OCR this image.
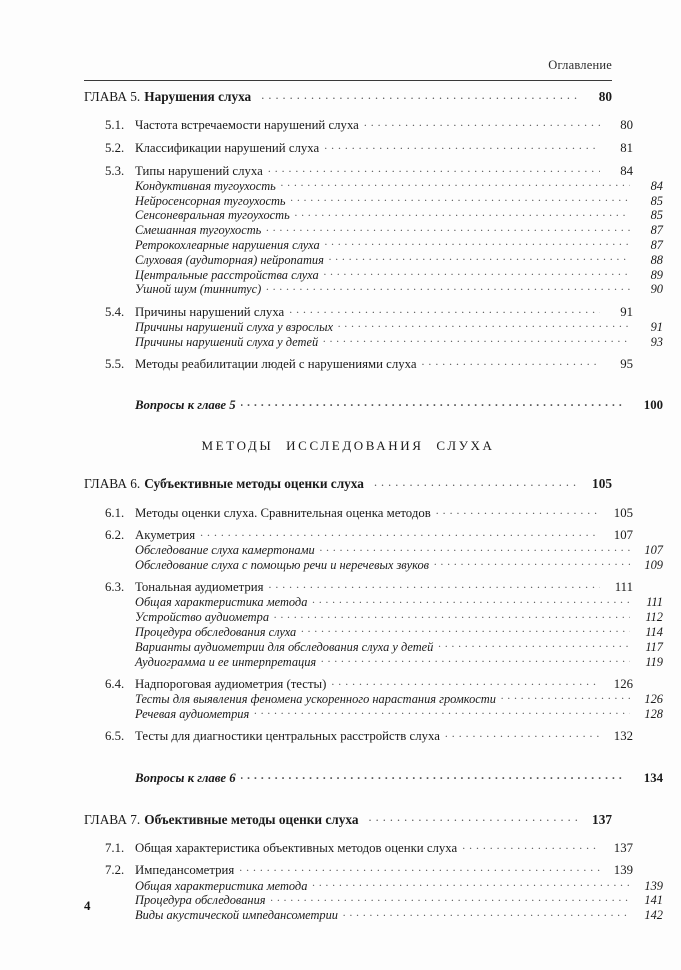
Оглавление
ГЛАВА 5. Нарушения слуха . . .	80
5.1. Частота встречаемости нарушений слуха . . .	80
5.2. Классификации нарушений слуха . . .	81
5.3. Типы нарушений слуха . . .	84
Кондуктивная тугоухость . . .	84
Нейросенсорная тугоухость . . .	85
Сенсоневральная тугоухость . . .	85
Смешанная тугоухость . . .	87
Ретрокохлеарные нарушения слуха . . .	87
Слуховая (аудиторная) нейропатия . . .	88
Центральные расстройства слуха . . .	89
Ушной шум (тиннитус) . . .	90
5.4. Причины нарушений слуха . . .	91
Причины нарушений слуха у взрослых . . .	91
Причины нарушений слуха у детей . . .	93
5.5. Методы реабилитации людей с нарушениями слуха . . .	95
Вопросы к главе 5 . . .	100
МЕТОДЫ ИССЛЕДОВАНИЯ СЛУХА
ГЛАВА 6. Субъективные методы оценки слуха . . .	105
6.1. Методы оценки слуха. Сравнительная оценка методов . . .	105
6.2. Акуметрия . . .	107
Обследование слуха камертонами . . .	107
Обследование слуха с помощью речи и неречевых звуков . . .	109
6.3. Тональная аудиометрия . . .	111
Общая характеристика метода . . .	111
Устройство аудиометра . . .	112
Процедура обследования слуха . . .	114
Варианты аудиометрии для обследования слуха у детей . . .	117
Аудиограмма и ее интерпретация . . .	119
6.4. Надпороговая аудиометрия (тесты) . . .	126
Тесты для выявления феномена ускоренного нарастания громкости . . .	126
Речевая аудиометрия . . .	128
6.5. Тесты для диагностики центральных расстройств слуха . . .	132
Вопросы к главе 6 . . .	134
ГЛАВА 7. Объективные методы оценки слуха . . .	137
7.1. Общая характеристика объективных методов оценки слуха . . .	137
7.2. Импедансометрия . . .	139
Общая характеристика метода . . .	139
Процедура обследования . . .	141
Виды акустической импедансометрии . . .	142
4
